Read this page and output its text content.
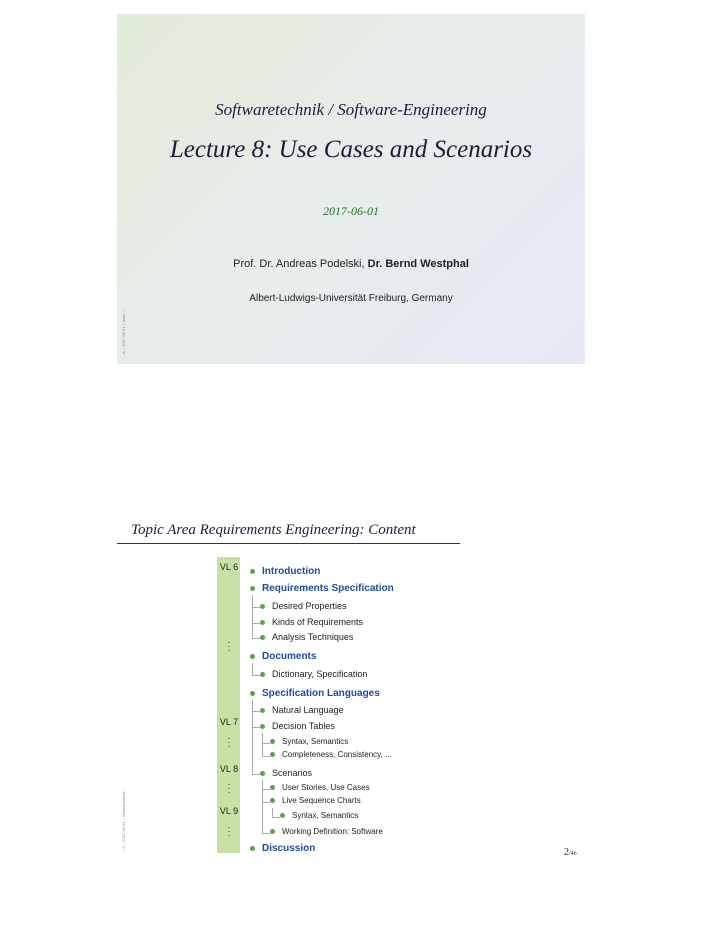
Softwaretechnik / Software-Engineering
Lecture 8: Use Cases and Scenarios
2017-06-01
Prof. Dr. Andreas Podelski, Dr. Bernd Westphal
Albert-Ludwigs-Universität Freiburg, Germany
– 8 – 2017-06-01 – main –
Topic Area Requirements Engineering: Content
– 8 – 2017-06-01 – Sblockcontent –
VL 6
VL 7
VL 8
VL 9
·
·
·
·
·
·
·
·
·
·
·
·
Introduction
Requirements Specification
Desired Properties
Kinds of Requirements
Analysis Techniques
Documents
Dictionary, Specification
Specification Languages
Natural Language
Decision Tables
Syntax, Semantics
Completeness, Consistency, ...
Scenarios
User Stories, Use Cases
Live Sequence Charts
Syntax, Semantics
Working Definition: Software
Discussion	2/46
